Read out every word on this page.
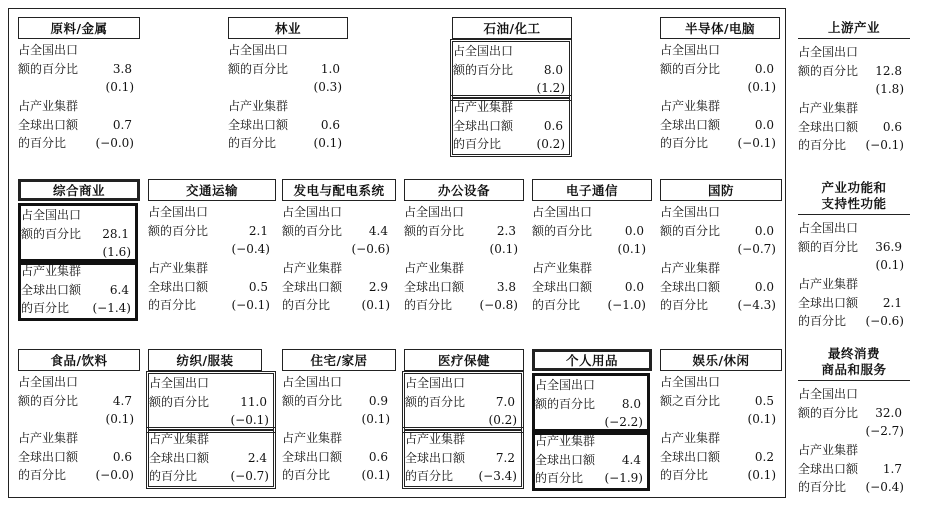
原料/金属
占全国出口
额的百分比	3.8
(0.1)
占产业集群
全球出口额	0.7
的百分比 (−0.0)
林业
占全国出口
额的百分比	1.0
(0.3)
占产业集群
全球出口额	0.6
的百分比	(0.1)
石油/化工
占全国出口
额的百分比	8.0
(1.2)
占产业集群
全球出口额	0.6
的百分比	(0.2)
半导体/电脑
占全国出口
额的百分比	0.0
(0.1)
占产业集群
全球出口额	0.0
的百分比 (−0.1)
综合商业
占全国出口
额的百分比 28.1
(1.6)
占产业集群
全球出口额 6.4
的百分比 (−1.4)
交通运输
占全国出口
额的百分比	2.1
(−0.4)
占产业集群
全球出口额	0.5
的百分比	(−0.1)
发电与配电系统
占全国出口
额的百分比 4.4
(−0.6)
占产业集群
全球出口额 2.9
的百分比	(0.1)
办公设备
占全国出口
额的百分比	2.3
(0.1)
占产业集群
全球出口额	3.8
的百分比 (−0.8)
电子通信
占全国出口
额的百分比	0.0
(0.1)
占产业集群
全球出口额	0.0
的百分比 (−1.0)
国防
占全国出口
额的百分比	0.0
(−0.7)
占产业集群
全球出口额	0.0
的百分比 (−4.3)
食品/饮料
占全国出口
额的百分比	4.7
(0.1)
占产业集群
全球出口额	0.6
的百分比 (−0.0)
纺织/服装
占全国出口
额的百分比	11.0
(−0.1)
占产业集群
全球出口额	2.4
的百分比	(−0.7)
住宅/家居
占全国出口
额的百分比 0.9
(0.1)
占产业集群
全球出口额 0.6
的百分比	(0.1)
医疗保健
占全国出口
额的百分比	7.0
(0.2)
占产业集群
全球出口额	7.2
的百分比 (−3.4)
个人用品
占全国出口
额的百分比 8.0
(−2.2)
占产业集群
全球出口额 4.4
的百分比 (−1.9)
娱乐/休闲
占全国出口
额之百分比	0.5
(0.1)
占产业集群
全球出口额	0.2
的百分比	(0.1)
上游产业
占全国出口
额的百分比 12.8
(1.8)
占产业集群
全球出口额 0.6
的百分比 (−0.1)
产业功能和
支持性功能
占全国出口
额的百分比 36.9
(0.1)
占产业集群
全球出口额 2.1
的百分比 (−0.6)
最终消费
商品和服务
占全国出口
额的百分比 32.0
(−2.7)
占产业集群
全球出口额 1.7
的百分比 (−0.4)
